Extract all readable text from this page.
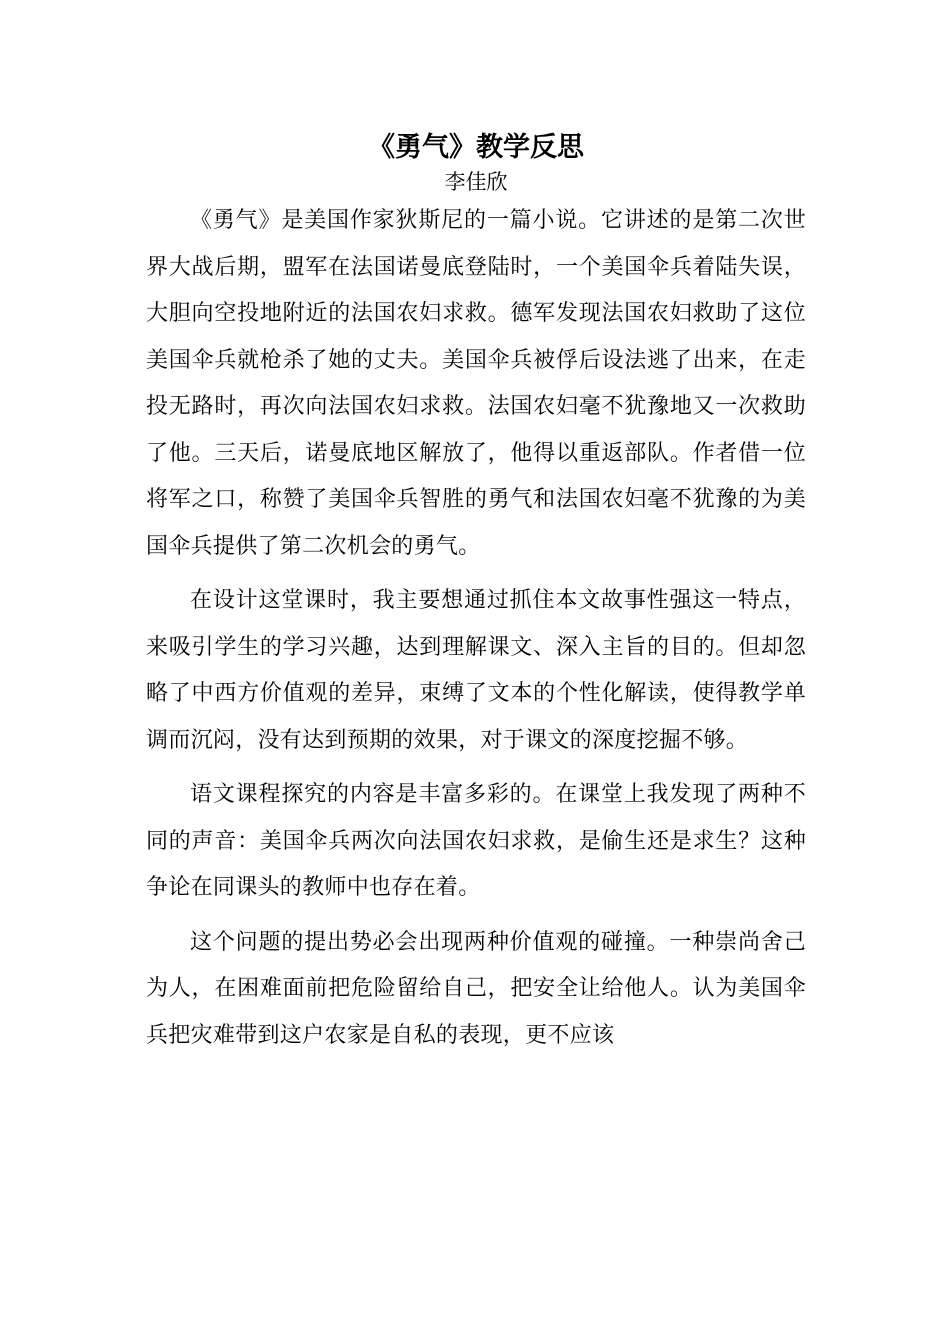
《勇气》教学反思
李佳欣

《勇气》是美国作家狄斯尼的一篇小说。它讲述的是第二次世界大战后期，盟军在法国诺曼底登陆时，一个美国伞兵着陆失误，大胆向空投地附近的法国农妇求救。德军发现法国农妇救助了这位美国伞兵就枪杀了她的丈夫。美国伞兵被俘后设法逃了出来，在走投无路时，再次向法国农妇求救。法国农妇毫不犹豫地又一次救助了他。三天后，诺曼底地区解放了，他得以重返部队。作者借一位将军之口，称赞了美国伞兵智胜的勇气和法国农妇毫不犹豫的为美国伞兵提供了第二次机会的勇气。

在设计这堂课时，我主要想通过抓住本文故事性强这一特点，来吸引学生的学习兴趣，达到理解课文、深入主旨的目的。但却忽略了中西方价值观的差异，束缚了文本的个性化解读，使得教学单调而沉闷，没有达到预期的效果，对于课文的深度挖掘不够。

语文课程探究的内容是丰富多彩的。在课堂上我发现了两种不同的声音：美国伞兵两次向法国农妇求救，是偷生还是求生？这种争论在同课头的教师中也存在着。

这个问题的提出势必会出现两种价值观的碰撞。一种崇尚舍己为人，在困难面前把危险留给自己，把安全让给他人。认为美国伞兵把灾难带到这户农家是自私的表现，更不应该
